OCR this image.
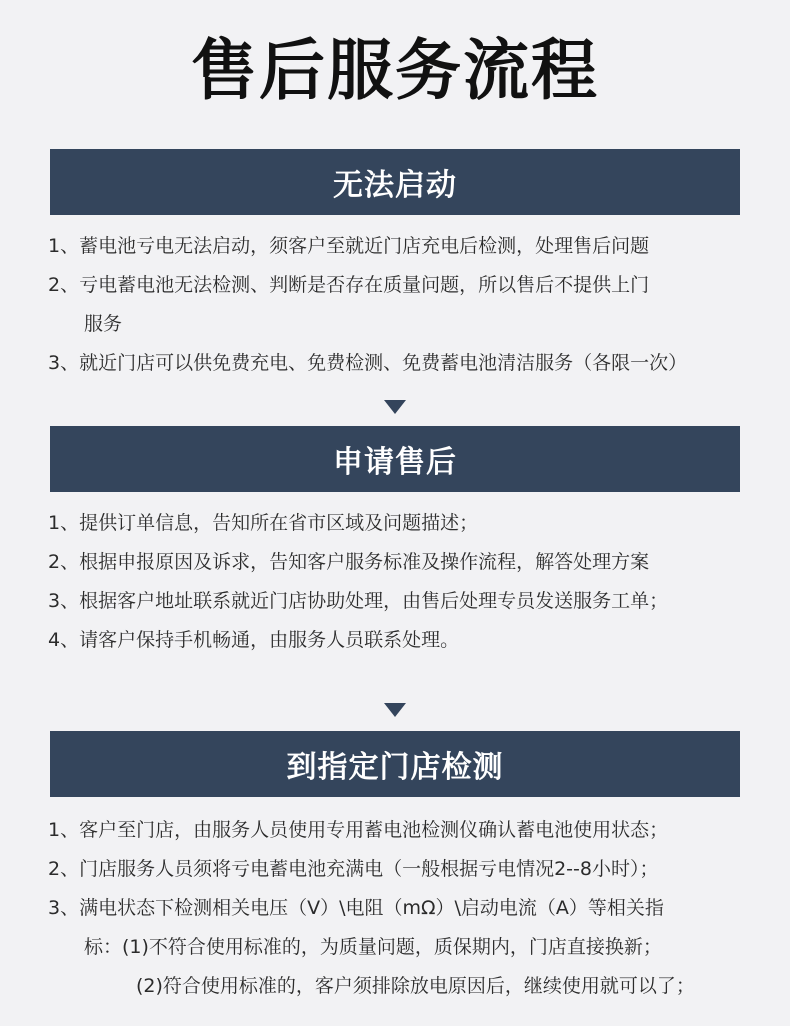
售后服务流程
无法启动
1、蓄电池亏电无法启动，须客户至就近门店充电后检测，处理售后问题
2、亏电蓄电池无法检测、判断是否存在质量问题，所以售后不提供上门
服务
3、就近门店可以供免费充电、免费检测、免费蓄电池清洁服务（各限一次）
申请售后
1、提供订单信息，告知所在省市区域及问题描述；
2、根据申报原因及诉求，告知客户服务标准及操作流程，解答处理方案
3、根据客户地址联系就近门店协助处理，由售后处理专员发送服务工单；
4、请客户保持手机畅通，由服务人员联系处理。
到指定门店检测
1、客户至门店，由服务人员使用专用蓄电池检测仪确认蓄电池使用状态；
2、门店服务人员须将亏电蓄电池充满电（一般根据亏电情况2--8小时）；
3、满电状态下检测相关电压（V）\电阻（mΩ）\启动电流（A）等相关指
标：(1)不符合使用标准的，为质量问题，质保期内，门店直接换新；
(2)符合使用标准的，客户须排除放电原因后，继续使用就可以了；
